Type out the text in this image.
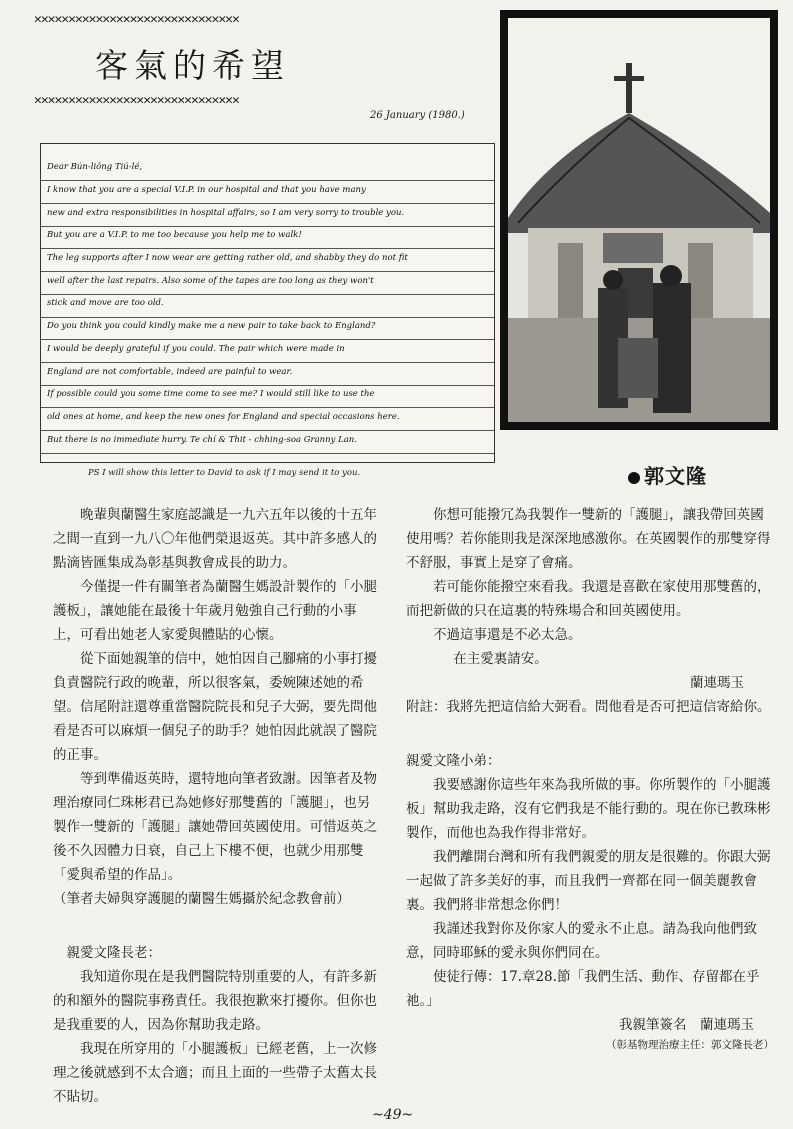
✕✕✕✕✕✕✕✕✕✕✕✕✕✕✕✕✕✕✕✕✕✕✕✕✕✕✕✕✕✕
客氣的希望
✕✕✕✕✕✕✕✕✕✕✕✕✕✕✕✕✕✕✕✕✕✕✕✕✕✕✕✕✕✕
26 January (1980.)
Dear Bún-liông Tiú-lé,
I know that you are a special V.I.P. in our hospital and that you have many
new and extra responsibilities in hospital affairs, so I am very sorry to trouble you.
But you are a V.I.P. to me too because you help me to walk!
The leg supports after I now wear are getting rather old, and shabby they do not fit
well after the last repairs. Also some of the tapes are too long as they won't
stick and move are too old.
Do you think you could kindly make me a new pair to take back to England?
I would be deeply grateful if you could. The pair which were made in
England are not comfortable, indeed are painful to wear.
If possible could you some time come to see me? I would still like to use the
old ones at home, and keep the new ones for England and special occasions here.
But there is no immediate hurry. Te chí & Thit - chhing-soa Granny Lan.
PS I will show this letter to David to ask if I may send it to you.	郭文隆

晚輩與蘭醫生家庭認識是一九六五年以後的十五年之間一直到一九八〇年他們榮退返英。其中許多感人的點滴皆匯集成為彰基與教會成長的助力。

今僅提一件有關筆者為蘭醫生媽設計製作的「小腿護板」，讓她能在最後十年歲月勉強自己行動的小事上，可看出她老人家愛與體貼的心懷。

從下面她親筆的信中，她怕因自己腳痛的小事打擾負責醫院行政的晚輩，所以很客氣，委婉陳述她的希望。信尾附註還尊重當醫院院長和兒子大弼，要先問他看是否可以麻煩一個兒子的助手？她怕因此就誤了醫院的正事。

等到準備返英時，還特地向筆者致謝。因筆者及物理治療同仁珠彬君已為她修好那雙舊的「護腿」，也另製作一雙新的「護腿」讓她帶回英國使用。可惜返英之後不久因體力日衰，自己上下樓不便，也就少用那雙「愛與希望的作品」。

（筆者夫婦與穿護腿的蘭醫生媽攝於紀念教會前）

　親愛文隆長老：

我知道你現在是我們醫院特別重要的人，有許多新的和額外的醫院事務責任。我很抱歉來打擾你。但你也是我重要的人，因為你幫助我走路。

我現在所穿用的「小腿護板」已經老舊，上一次修理之後就感到不太合適；而且上面的一些帶子太舊太長不貼切。

你想可能撥冗為我製作一雙新的「護腿」，讓我帶回英國使用嗎？若你能則我是深深地感激你。在英國製作的那雙穿得不舒服，事實上是穿了會痛。

若可能你能撥空來看我。我還是喜歡在家使用那雙舊的，而把新做的只在這裏的特殊場合和回英國使用。

不過這事還是不必太急。

在主愛裏請安。

蘭連瑪玉

附註：我將先把這信給大弼看。問他看是否可把這信寄給你。

親愛文隆小弟：

我要感謝你這些年來為我所做的事。你所製作的「小腿護板」幫助我走路，沒有它們我是不能行動的。現在你已教珠彬製作，而他也為我作得非常好。

我們離開台灣和所有我們親愛的朋友是很難的。你跟大弼一起做了許多美好的事，而且我們一齊都在同一個美麗教會裏。我們將非常想念你們！

我謹述我對你及你家人的愛永不止息。請為我向他們致意，同時耶穌的愛永與你們同在。

使徒行傳：17.章28.節「我們生活、動作、存留都在乎祂。」

我親筆簽名　蘭連瑪玉

（彰基物理治療主任：郭文隆長老）

~49~
